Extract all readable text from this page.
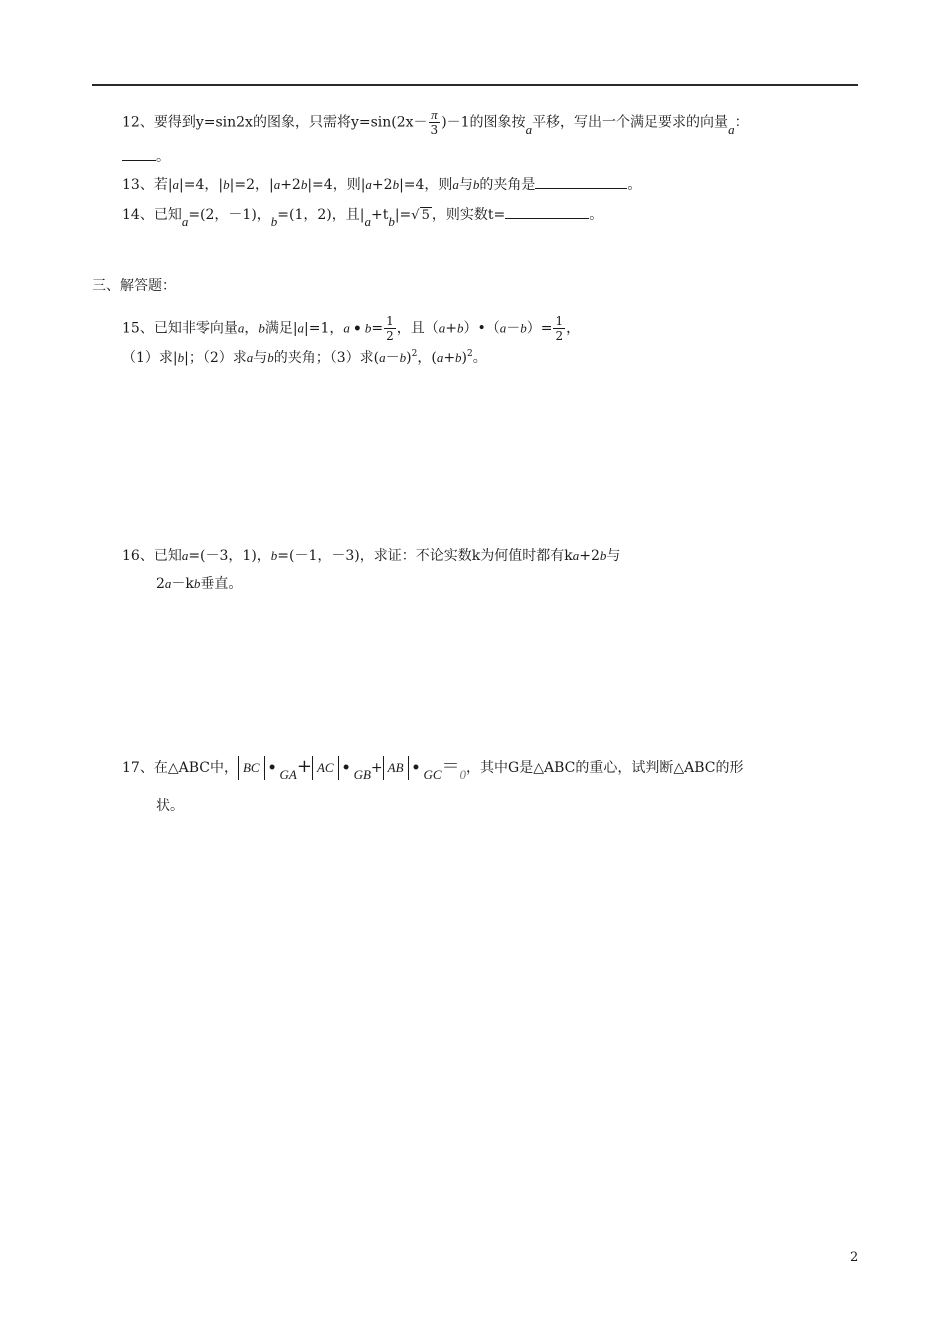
12、要得到y=sin2x的图象，只需将$y=\sin(2x- \frac{\pi}{3} )-1$的图象按a平移，写出一个满足要求的向量a：
。
13、若|a|=4，|b|=2，|a+2b|=4，则|a+2b|=4，则a与b的夹角是	。
14、已知a=(2，－1)，b=(1，2)，且|a+tb|=√ 5 ，则实数t=	。
三、解答题：
15、已知非零向量a，b满足|a|=1，a • $b= \frac{1}{2}$ ，且（a+b）•（a－b）= $\frac{1}{2}$ ，
（1）求|b|；（2）求a与b的夹角；（3）求$(a-b)^2$，$(a+b)^2$。
16、已知a=(－3，1)，b=(－1，－3)，求证：不论实数k为何值时都有ka+2b与
2a－kb垂直。
17、在△ABC中， BC • GA+ AC • GB+ AB • GC＝0，其中G是△ABC的重心，试判断△ABC的形
状。
2
